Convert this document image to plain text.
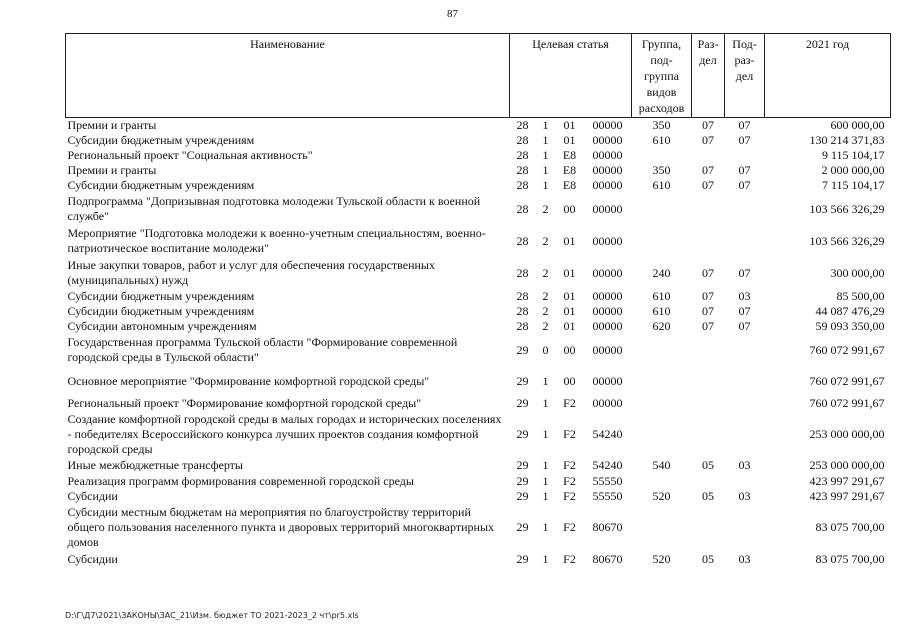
87
Наименование	Целевая статья				Группа, под-группа видов расходов	Раз-дел	Под-раз-дел	2021 год
Премии и гранты	28	1	01	00000	350	07	07	600 000,00
Субсидии бюджетным учреждениям	28	1	01	00000	610	07	07	130 214 371,83
Региональный проект "Социальная активность"	28	1	E8	00000				9 115 104,17
Премии и гранты	28	1	E8	00000	350	07	07	2 000 000,00
Субсидии бюджетным учреждениям	28	1	E8	00000	610	07	07	7 115 104,17
Подпрограмма "Допризывная подготовка молодежи Тульской области к военной службе"	28	2	00	00000				103 566 326,29
Мероприятие "Подготовка молодежи к военно-учетным специальностям, военно-патриотическое воспитание молодежи"	28	2	01	00000				103 566 326,29
Иные закупки товаров, работ и услуг для обеспечения государственных (муниципальных) нужд	28	2	01	00000	240	07	07	300 000,00
Субсидии бюджетным учреждениям	28	2	01	00000	610	07	03	85 500,00
Субсидии бюджетным учреждениям	28	2	01	00000	610	07	07	44 087 476,29
Субсидии автономным учреждениям	28	2	01	00000	620	07	07	59 093 350,00
Государственная программа Тульской области "Формирование современной городской среды в Тульской области"	29	0	00	00000				760 072 991,67
Основное мероприятие "Формирование комфортной городской среды"	29	1	00	00000				760 072 991,67
Региональный проект "Формирование комфортной городской среды"	29	1	F2	00000				760 072 991,67
Создание комфортной городской среды в малых городах и исторических поселениях - победителях Всероссийского конкурса лучших проектов создания комфортной городской среды	29	1	F2	54240				253 000 000,00
Иные межбюджетные трансферты	29	1	F2	54240	540	05	03	253 000 000,00
Реализация программ формирования современной городской среды	29	1	F2	55550				423 997 291,67
Субсидии	29	1	F2	55550	520	05	03	423 997 291,67
Субсидии местным бюджетам на мероприятия по благоустройству территорий общего пользования населенного пункта и дворовых территорий многоквартирных домов	29	1	F2	80670				83 075 700,00
Субсидии	29	1	F2	80670	520	05	03	83 075 700,00
D:\Г\Д7\2021\ЗАКОНЫ\ЗАС_21\Изм. бюджет ТО 2021-2023_2 чт\pr5.xls
